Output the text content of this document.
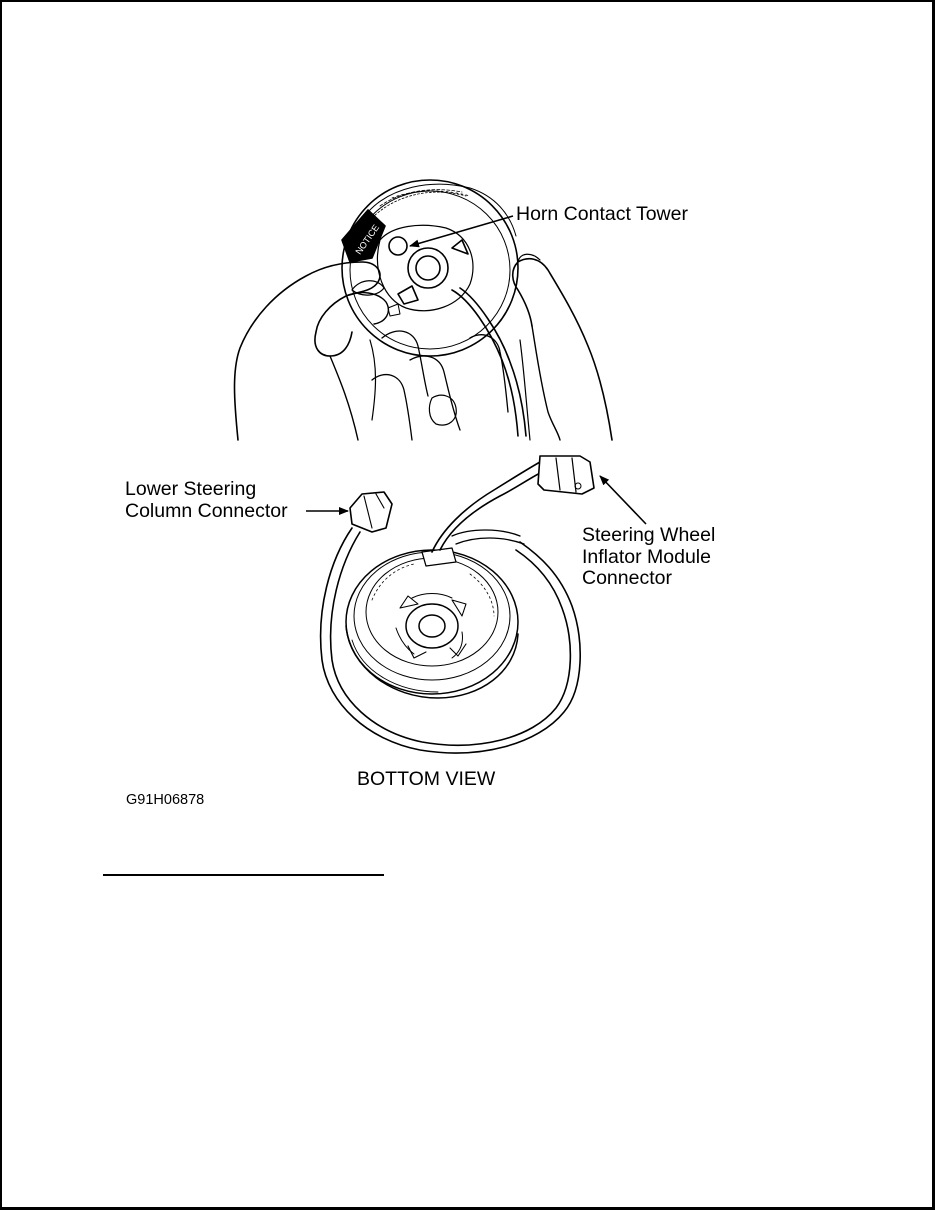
NOTICE
Horn Contact Tower
Lower Steering
Column Connector
Steering Wheel
Inflator Module
Connector
BOTTOM VIEW
G91H06878
